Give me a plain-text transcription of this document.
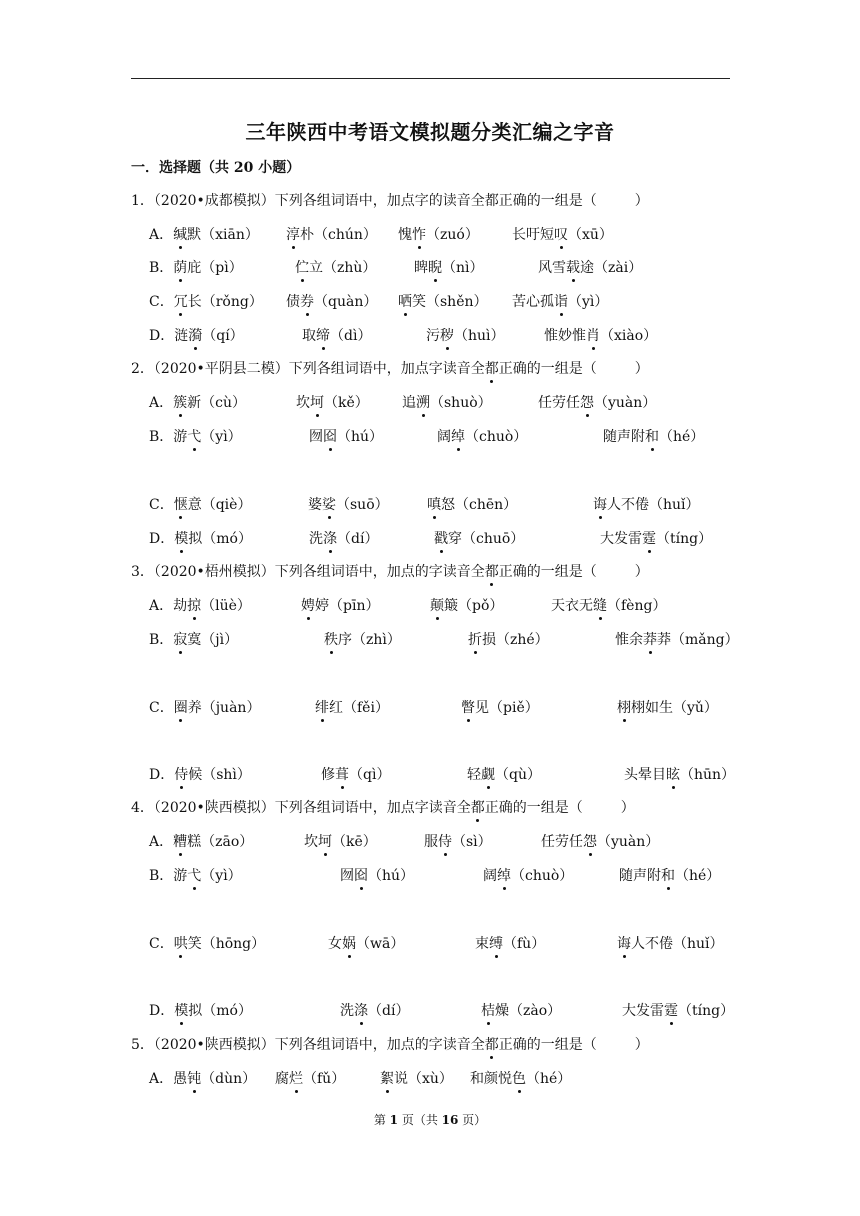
三年陕西中考语文模拟题分类汇编之字音
一．选择题（共 20 小题）
1．（2020•成都模拟）下列各组词语中，加点字的读音全都正确的一组是（	）
A．缄默（xiān） 淳朴（chún） 愧怍（zuó） 长吁短叹（xū）
B．荫庇（pì）	伫立（zhù）	睥睨（nì）	风雪载途（zài）
C．冗长（rǒng） 债券（quàn） 哂笑（shěn） 苦心孤诣（yì）
D．涟漪（qí）	取缔（dì）	污秽（huì）	惟妙惟肖（xiào）
2．（2020•平阴县二模）下列各组词语中，加点字读音全都正确的一组是（	）
A．簇新（cù）	坎坷（kě） 追溯（shuò）	任劳任怨（yuàn）
B．游弋（yì）	囫囵（hú）	阔绰（chuò）	随声附和（hé）
C．惬意（qiè）	婆娑（suō）	嗔怒（chēn）	诲人不倦（huǐ）
D．模拟（mó）	洗涤（dí）	戳穿（chuō）	大发雷霆（tíng）
3．（2020•梧州模拟）下列各组词语中，加点的字读音全都正确的一组是（	）
A．劫掠（lüè）	娉婷（pīn）	颠簸（pǒ）	天衣无缝（fèng）
B．寂寞（jì）	秩序（zhì）	折损（zhé）	惟余莽莽（mǎng）
C．圈养（juàn）	绯红（fěi）	瞥见（piě）	栩栩如生（yǔ）
D．侍候（shì）	修葺（qì）	轻觑（qù）	头晕目眩（hūn）
4．（2020•陕西模拟）下列各组词语中，加点字读音全都正确的一组是（	）
A．糟糕（zāo）	坎坷（kē）	服侍（sì）	任劳任怨（yuàn）
B．游弋（yì）	囫囵（hú）	阔绰（chuò）	随声附和（hé）
C．哄笑（hōng）	女娲（wā）	束缚（fù）	诲人不倦（huǐ）
D．模拟（mó）	洗涤（dí）	桔燥（zào）	大发雷霆（tíng）
5．（2020•陕西模拟）下列各组词语中，加点的字读音全都正确的一组是（	）
A．愚钝（dùn） 腐烂（fǔ） 絮说（xù） 和颜悦色（hé）
第 1 页（共 16 页）
